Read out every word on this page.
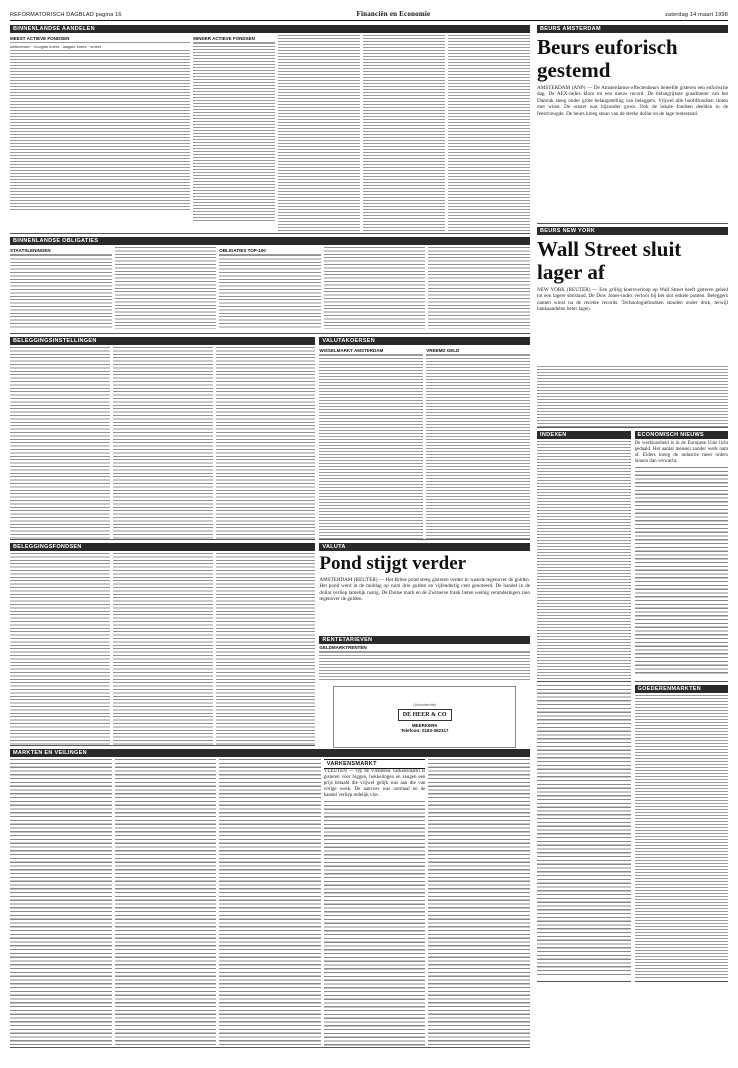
REFORMATORISCH DAGBLAD pagina 16	Financiën en Economie	zaterdag 14 maart 1998
BINNENLANDSE AANDELEN
MEEST ACTIEVE FONDSEN
slotkoersen · hoogste koers · laagste koers · omzet
MINDER ACTIEVE FONDSEN
BINNENLANDSE OBLIGATIES
STAATSLENINGEN	OBLIGATIES TOP-100
BELEGGINGSINSTELLINGEN	VALUTAKOERSEN
WISSELMARKT AMSTERDAM	VREEMD GELD
BELEGGINGSFONDSEN	VALUTA
Pond stijgt verder
AMSTERDAM (REUTER) — Het Britse pond steeg gisteren verder in waarde tegenover de gulden. Het pond werd in de middag op ruim drie gulden en vijfendertig cent genoteerd. De handel in de dollar verliep tamelijk rustig. De Duitse mark en de Zwitserse frank lieten weinig veranderingen zien tegenover de gulden.
RENTETARIEVEN
GELDMARKTRENTEN
(Advertentie)
DE HEER & CO
MEERKERK
Telefoon: 0183-352317
MARKTEN EN VEILINGEN
VARKENSMARKT
VLEUTEN — Op de Vleutense varkensmarkt is gisteren voor biggen, hokkelingen en zeugen een prijs betaald die vrijwel gelijk was aan die van vorige week. De aanvoer was normaal en de handel verliep redelijk vlot.
BEURS AMSTERDAM
Beurs euforisch gestemd
AMSTERDAM (ANP) — De Amsterdamse effectenbeurs beleefde gisteren een euforische dag. De AEX-index klom tot een nieuw record. De belangrijkste graadmeter van het Damrak steeg onder grote belangstelling van beleggers. Vrijwel alle hoofdfondsen sloten met winst. De omzet was bijzonder groot. Ook de lokale fondsen deelden in de feestvreugde. De beurs kreeg steun van de sterke dollar en de lage rentestand.
BEURS NEW YORK
Wall Street sluit lager af
NEW YORK (REUTER) — Een grillig koersverloop op Wall Street heeft gisteren geleid tot een lagere slotstand. De Dow Jones-index verloor bij het slot enkele punten. Beleggers namen winst na de recente records. Technologiefondsen stonden onder druk, terwijl bankaandelen beter lagen.
INDEXEN	ECONOMISCH NIEUWS
De werkloosheid is in de Europese Unie licht gedaald. Het aantal mensen zonder werk nam af. Elders kreeg de industrie meer orders binnen dan verwacht.
GOEDERENMARKTEN
